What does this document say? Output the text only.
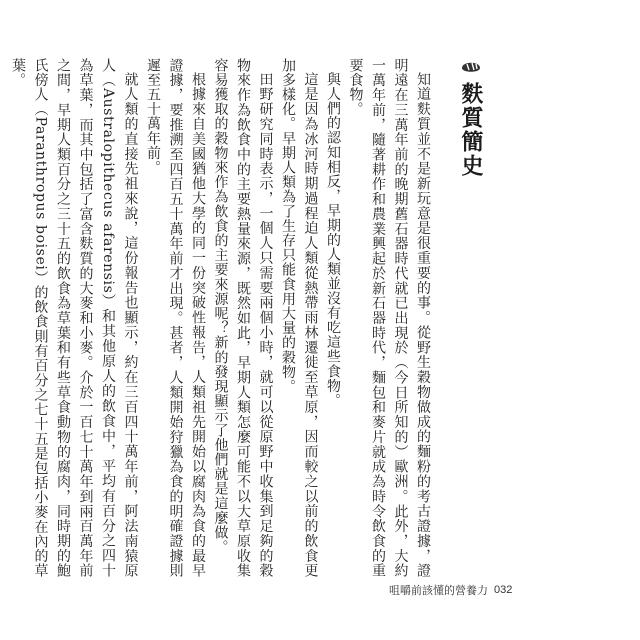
麩質簡史

知道麩質並不是新玩意是很重要的事。從野生穀物做成的麵粉的考古證據，證明遠在三萬年前的晚期舊石器時代就已出現於（今日所知的）歐洲。此外，大約一萬年前，隨著耕作和農業興起於新石器時代，麵包和麥片就成為時令飲食的重要食物。

與人們的認知相反，早期的人類並沒有吃這些食物。

這是因為冰河時期過程迫人類從熱帶雨林遷徙至草原，因而較之以前的飲食更加多樣化。早期人類為了生存只能食用大量的穀物。

田野研究同時表示，一個人只需要兩個小時，就可以從原野中收集到足夠的穀物來作為飲食中的主要熱量來源，既然如此，早期人類怎麼可能不以大草原收集容易獲取的穀物來作為飲食的主要來源呢？新的發現顯示了他們就是這麼做。

根據來自美國猶他大學的同一份突破性報告，人類祖先開始以腐肉為食的最早證據，要推溯至四百五十萬年前才出現。甚者，人類開始狩獵為食的明確證據則遲至五十萬年前。

就人類的直接先祖來說，這份報告也顯示，約在三百四十萬年前，阿法南猿原人（Australopithecus afarensis）和其他原人的飲食中，平均有百分之四十為草葉，而其中包括了富含麩質的大麥和小麥。介於一百七十萬年到兩百萬年前之間，早期人類百分之三十五的飲食為草葉和有些草食動物的腐肉，同時期的鮑氏傍人（Paranthropus boisei）的飲食則有百分之七十五是包括小麥在內的草葉。

咀嚼前該懂的營養力 032
